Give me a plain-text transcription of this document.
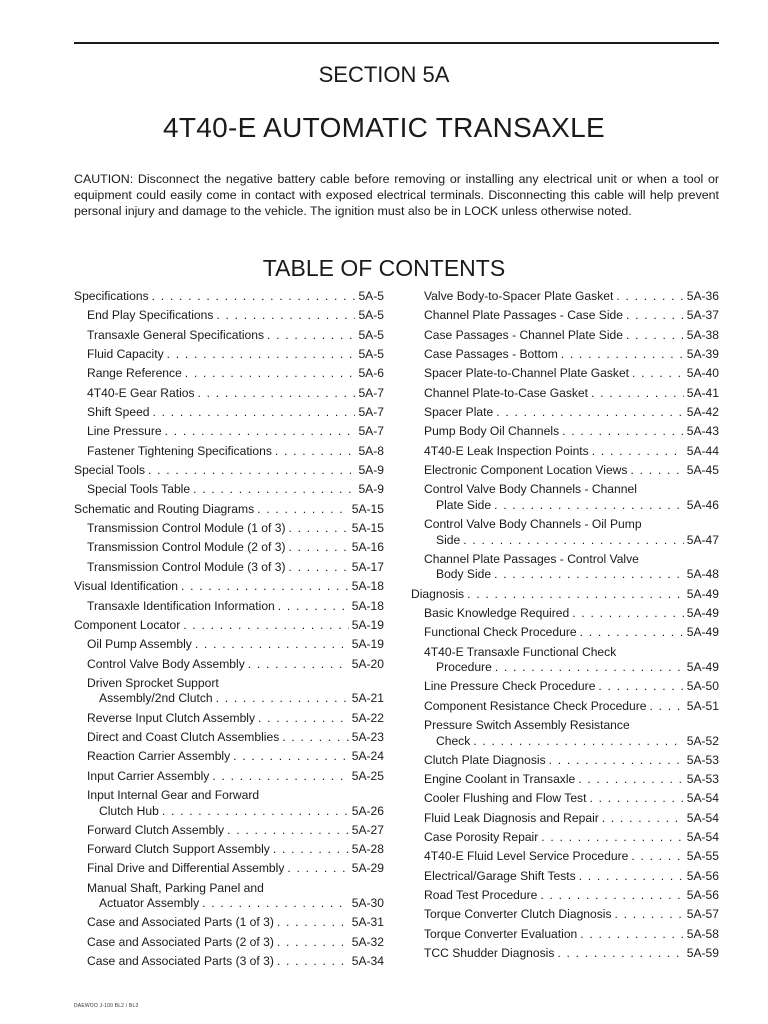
SECTION 5A
4T40-E AUTOMATIC TRANSAXLE
CAUTION: Disconnect the negative battery cable before removing or installing any electrical unit or when a tool or equipment could easily come in contact with exposed electrical terminals. Disconnecting this cable will help prevent personal injury and damage to the vehicle. The ignition must also be in LOCK unless otherwise noted.
TABLE OF CONTENTS
Specifications . . .	5A-5
End Play Specifications . . .	5A-5
Transaxle General Specifications . . .	5A-5
Fluid Capacity . . .	5A-5
Range Reference . . .	5A-6
4T40-E Gear Ratios . . .	5A-7
Shift Speed . . .	5A-7
Line Pressure . . .	5A-7
Fastener Tightening Specifications . . .	5A-8
Special Tools . . .	5A-9
Special Tools Table . . .	5A-9
Schematic and Routing Diagrams . . .	5A-15
Transmission Control Module (1 of 3) . . .	5A-15
Transmission Control Module (2 of 3) . . .	5A-16
Transmission Control Module (3 of 3) . . .	5A-17
Visual Identification . . .	5A-18
Transaxle Identification Information . . .	5A-18
Component Locator . . .	5A-19
Oil Pump Assembly . . .	5A-19
Control Valve Body Assembly . . .	5A-20
Driven Sprocket Support
Assembly/2nd Clutch . . .	5A-21
Reverse Input Clutch Assembly . . .	5A-22
Direct and Coast Clutch Assemblies . . .	5A-23
Reaction Carrier Assembly . . .	5A-24
Input Carrier Assembly . . .	5A-25
Input Internal Gear and Forward
Clutch Hub . . .	5A-26
Forward Clutch Assembly . . .	5A-27
Forward Clutch Support Assembly . . .	5A-28
Final Drive and Differential Assembly . . .	5A-29
Manual Shaft, Parking Panel and
Actuator Assembly . . .	5A-30
Case and Associated Parts (1 of 3) . . .	5A-31
Case and Associated Parts (2 of 3) . . .	5A-32
Case and Associated Parts (3 of 3) . . .	5A-34
Valve Body-to-Spacer Plate Gasket . . .	5A-36
Channel Plate Passages - Case Side . . .	5A-37
Case Passages - Channel Plate Side . . .	5A-38
Case Passages - Bottom . . .	5A-39
Spacer Plate-to-Channel Plate Gasket . . .	5A-40
Channel Plate-to-Case Gasket . . .	5A-41
Spacer Plate . . .	5A-42
Pump Body Oil Channels . . .	5A-43
4T40-E Leak Inspection Points . . .	5A-44
Electronic Component Location Views . . .	5A-45
Control Valve Body Channels - Channel
Plate Side . . .	5A-46
Control Valve Body Channels - Oil Pump
Side . . .	5A-47
Channel Plate Passages - Control Valve
Body Side . . .	5A-48
Diagnosis . . .	5A-49
Basic Knowledge Required . . .	5A-49
Functional Check Procedure . . .	5A-49
4T40-E Transaxle Functional Check
Procedure . . .	5A-49
Line Pressure Check Procedure . . .	5A-50
Component Resistance Check Procedure . . .	5A-51
Pressure Switch Assembly Resistance
Check . . .	5A-52
Clutch Plate Diagnosis . . .	5A-53
Engine Coolant in Transaxle . . .	5A-53
Cooler Flushing and Flow Test . . .	5A-54
Fluid Leak Diagnosis and Repair . . .	5A-54
Case Porosity Repair . . .	5A-54
4T40-E Fluid Level Service Procedure . . .	5A-55
Electrical/Garage Shift Tests . . .	5A-56
Road Test Procedure . . .	5A-56
Torque Converter Clutch Diagnosis . . .	5A-57
Torque Converter Evaluation . . .	5A-58
TCC Shudder Diagnosis . . .	5A-59
DAEWOO J-100 BL2 / BL3
